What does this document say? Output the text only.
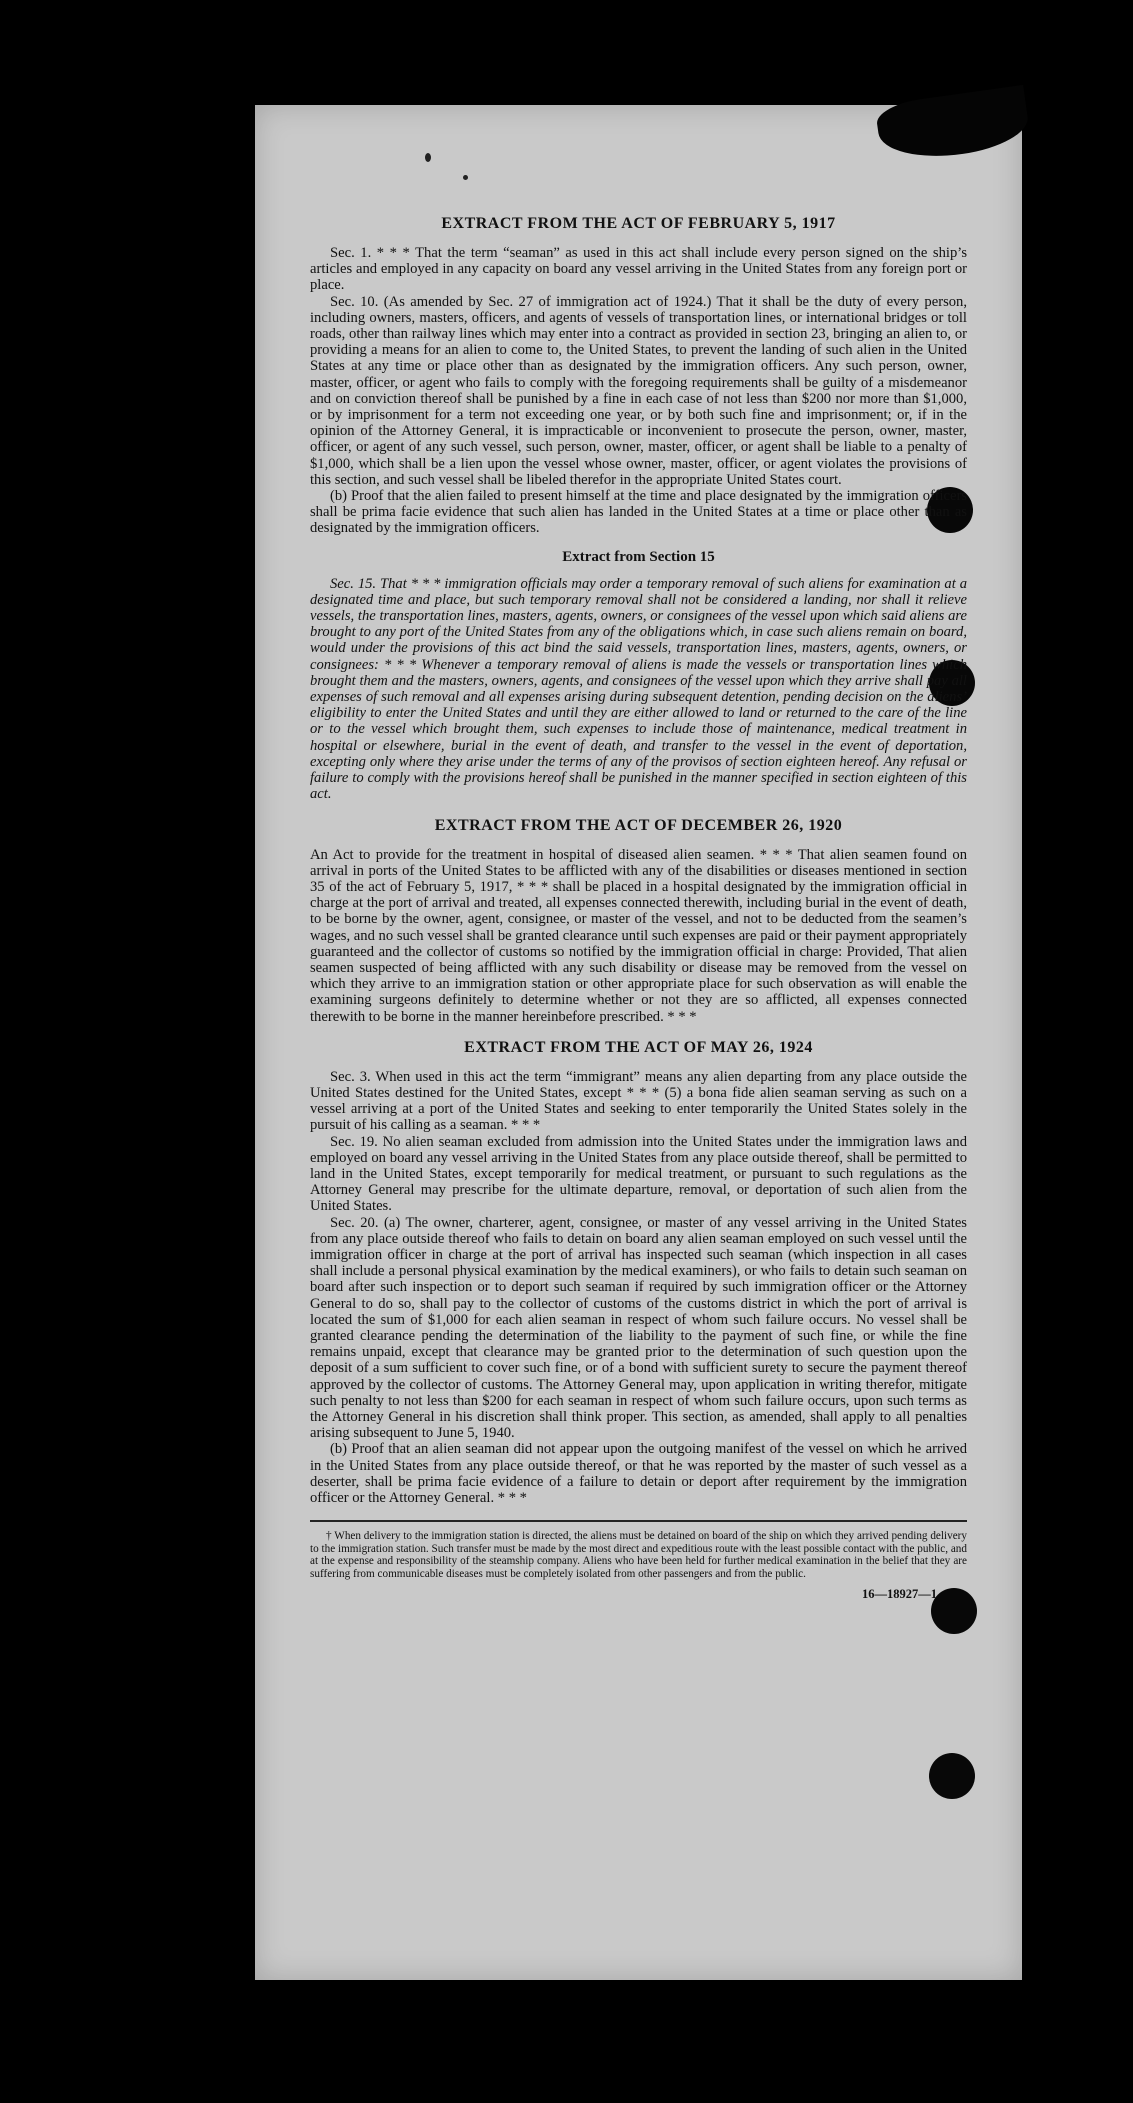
EXTRACT FROM THE ACT OF FEBRUARY 5, 1917

Sec. 1. * * * That the term “seaman” as used in this act shall include every person signed on the ship’s articles and employed in any capacity on board any vessel arriving in the United States from any foreign port or place.

Sec. 10. (As amended by Sec. 27 of immigration act of 1924.) That it shall be the duty of every person, including owners, masters, officers, and agents of vessels of transportation lines, or international bridges or toll roads, other than railway lines which may enter into a contract as provided in section 23, bringing an alien to, or providing a means for an alien to come to, the United States, to prevent the landing of such alien in the United States at any time or place other than as designated by the immigration officers. Any such person, owner, master, officer, or agent who fails to comply with the foregoing requirements shall be guilty of a misdemeanor and on conviction thereof shall be punished by a fine in each case of not less than $200 nor more than $1,000, or by imprisonment for a term not exceeding one year, or by both such fine and imprisonment; or, if in the opinion of the Attorney General, it is impracticable or inconvenient to prosecute the person, owner, master, officer, or agent of any such vessel, such person, owner, master, officer, or agent shall be liable to a penalty of $1,000, which shall be a lien upon the vessel whose owner, master, officer, or agent violates the provisions of this section, and such vessel shall be libeled therefor in the appropriate United States court.

(b) Proof that the alien failed to present himself at the time and place designated by the immigration officers shall be prima facie evidence that such alien has landed in the United States at a time or place other than as designated by the immigration officers.

Extract from Section 15

Sec. 15. That * * * immigration officials may order a temporary removal of such aliens for examination at a designated time and place, but such temporary removal shall not be considered a landing, nor shall it relieve vessels, the transportation lines, masters, agents, owners, or consignees of the vessel upon which said aliens are brought to any port of the United States from any of the obligations which, in case such aliens remain on board, would under the provisions of this act bind the said vessels, transportation lines, masters, agents, owners, or consignees: * * * Whenever a temporary removal of aliens is made the vessels or transportation lines which brought them and the masters, owners, agents, and consignees of the vessel upon which they arrive shall pay all expenses of such removal and all expenses arising during subsequent detention, pending decision on the aliens’ eligibility to enter the United States and until they are either allowed to land or returned to the care of the line or to the vessel which brought them, such expenses to include those of maintenance, medical treatment in hospital or elsewhere, burial in the event of death, and transfer to the vessel in the event of deportation, excepting only where they arise under the terms of any of the provisos of section eighteen hereof. Any refusal or failure to comply with the provisions hereof shall be punished in the manner specified in section eighteen of this act.

EXTRACT FROM THE ACT OF DECEMBER 26, 1920

An Act to provide for the treatment in hospital of diseased alien seamen. * * * That alien seamen found on arrival in ports of the United States to be afflicted with any of the disabilities or diseases mentioned in section 35 of the act of February 5, 1917, * * * shall be placed in a hospital designated by the immigration official in charge at the port of arrival and treated, all expenses connected therewith, including burial in the event of death, to be borne by the owner, agent, consignee, or master of the vessel, and not to be deducted from the seamen’s wages, and no such vessel shall be granted clearance until such expenses are paid or their payment appropriately guaranteed and the collector of customs so notified by the immigration official in charge: Provided, That alien seamen suspected of being afflicted with any such disability or disease may be removed from the vessel on which they arrive to an immigration station or other appropriate place for such observation as will enable the examining surgeons definitely to determine whether or not they are so afflicted, all expenses connected therewith to be borne in the manner hereinbefore prescribed. * * *

EXTRACT FROM THE ACT OF MAY 26, 1924

Sec. 3. When used in this act the term “immigrant” means any alien departing from any place outside the United States destined for the United States, except * * * (5) a bona fide alien seaman serving as such on a vessel arriving at a port of the United States and seeking to enter temporarily the United States solely in the pursuit of his calling as a seaman. * * *

Sec. 19. No alien seaman excluded from admission into the United States under the immigration laws and employed on board any vessel arriving in the United States from any place outside thereof, shall be permitted to land in the United States, except temporarily for medical treatment, or pursuant to such regulations as the Attorney General may prescribe for the ultimate departure, removal, or deportation of such alien from the United States.

Sec. 20. (a) The owner, charterer, agent, consignee, or master of any vessel arriving in the United States from any place outside thereof who fails to detain on board any alien seaman employed on such vessel until the immigration officer in charge at the port of arrival has inspected such seaman (which inspection in all cases shall include a personal physical examination by the medical examiners), or who fails to detain such seaman on board after such inspection or to deport such seaman if required by such immigration officer or the Attorney General to do so, shall pay to the collector of customs of the customs district in which the port of arrival is located the sum of $1,000 for each alien seaman in respect of whom such failure occurs. No vessel shall be granted clearance pending the determination of the liability to the payment of such fine, or while the fine remains unpaid, except that clearance may be granted prior to the determination of such question upon the deposit of a sum sufficient to cover such fine, or of a bond with sufficient surety to secure the payment thereof approved by the collector of customs. The Attorney General may, upon application in writing therefor, mitigate such penalty to not less than $200 for each seaman in respect of whom such failure occurs, upon such terms as the Attorney General in his discretion shall think proper. This section, as amended, shall apply to all penalties arising subsequent to June 5, 1940.

(b) Proof that an alien seaman did not appear upon the outgoing manifest of the vessel on which he arrived in the United States from any place outside thereof, or that he was reported by the master of such vessel as a deserter, shall be prima facie evidence of a failure to detain or deport after requirement by the immigration officer or the Attorney General. * * *

† When delivery to the immigration station is directed, the aliens must be detained on board of the ship on which they arrived pending delivery to the immigration station. Such transfer must be made by the most direct and expeditious route with the least possible contact with the public, and at the expense and responsibility of the steamship company. Aliens who have been held for further medical examination in the belief that they are suffering from communicable diseases must be completely isolated from other passengers and from the public.

16—18927—1
